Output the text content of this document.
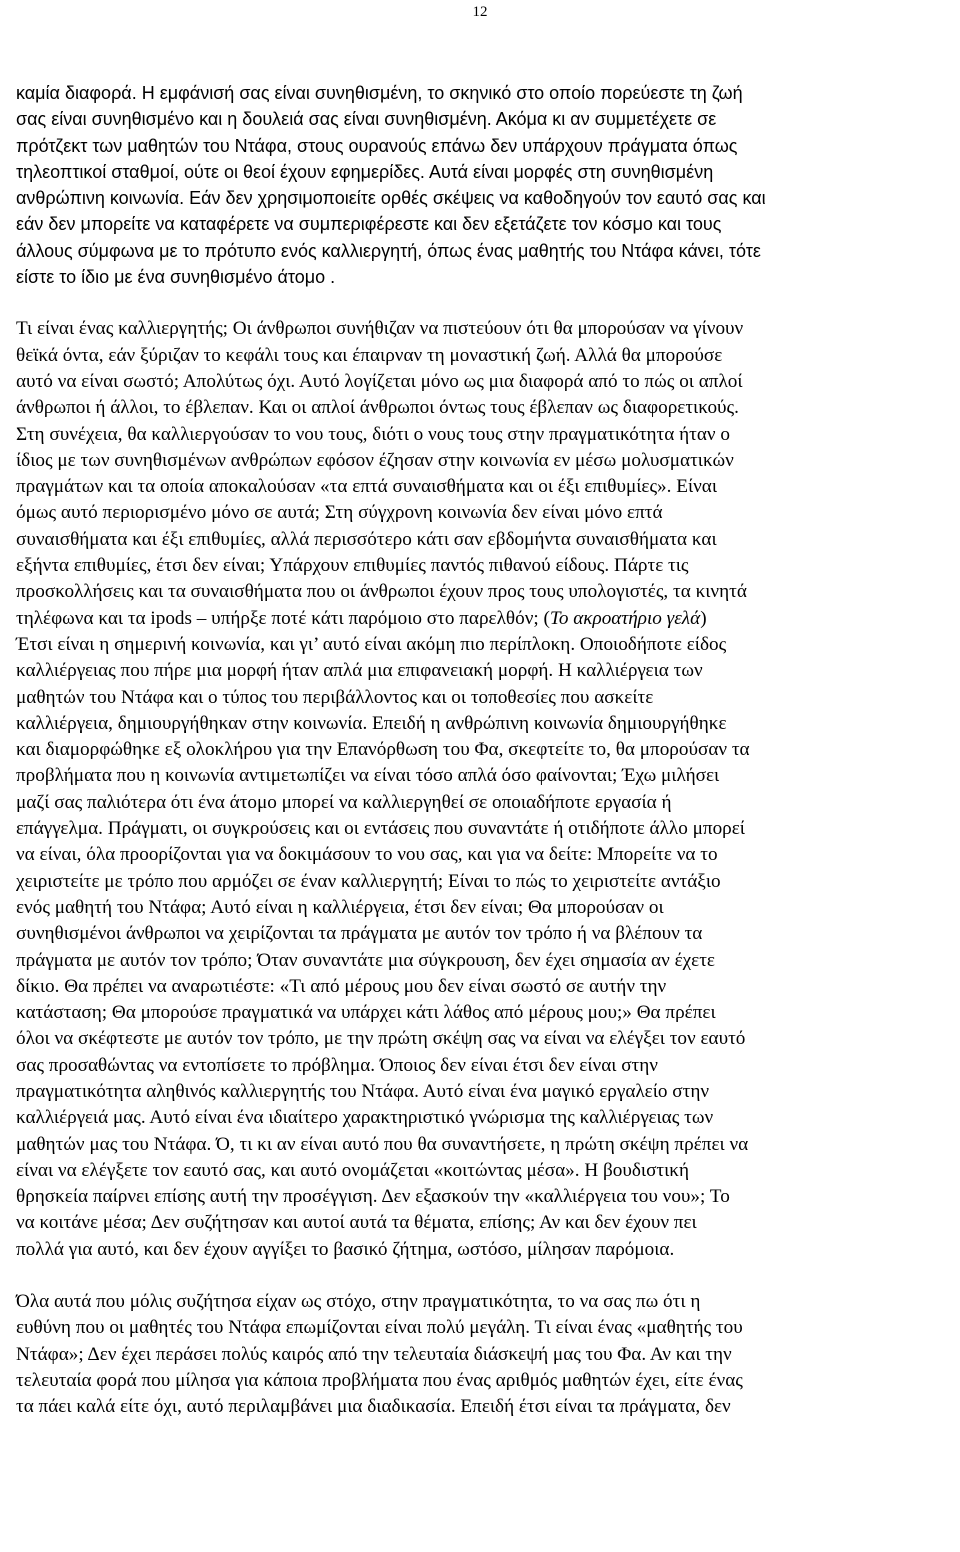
12

καμία διαφορά. Η εμφάνισή σας είναι συνηθισμένη, το σκηνικό στο οποίο πορεύεστε τη ζωή
σας είναι συνηθισμένο και η δουλειά σας είναι συνηθισμένη. Ακόμα κι αν συμμετέχετε σε
πρότζεκτ των μαθητών του Ντάφα, στους ουρανούς επάνω δεν υπάρχουν πράγματα όπως
τηλεοπτικοί σταθμοί, ούτε οι θεοί έχουν εφημερίδες. Αυτά είναι μορφές στη συνηθισμένη
ανθρώπινη κοινωνία. Εάν δεν χρησιμοποιείτε ορθές σκέψεις να καθοδηγούν τον εαυτό σας και
εάν δεν μπορείτε να καταφέρετε να συμπεριφέρεστε και δεν εξετάζετε τον κόσμο και τους
άλλους σύμφωνα με το πρότυπο ενός καλλιεργητή, όπως ένας μαθητής του Ντάφα κάνει, τότε
είστε το ίδιο με ένα συνηθισμένο άτομο .

Τι είναι ένας καλλιεργητής; Οι άνθρωποι συνήθιζαν να πιστεύουν ότι θα μπορούσαν να γίνουν
θεϊκά όντα, εάν ξύριζαν το κεφάλι τους και έπαιρναν τη μοναστική ζωή. Αλλά θα μπορούσε
αυτό να είναι σωστό; Απολύτως όχι. Αυτό λογίζεται μόνο ως μια διαφορά από το πώς οι απλοί
άνθρωποι ή άλλοι, το έβλεπαν. Και οι απλοί άνθρωποι όντως τους έβλεπαν ως διαφορετικούς.
Στη συνέχεια, θα καλλιεργούσαν το νου τους, διότι ο νους τους στην πραγματικότητα ήταν ο
ίδιος με των συνηθισμένων ανθρώπων εφόσον έζησαν στην κοινωνία εν μέσω μολυσματικών
πραγμάτων και τα οποία αποκαλούσαν «τα επτά συναισθήματα και οι έξι επιθυμίες». Είναι
όμως αυτό περιορισμένο μόνο σε αυτά; Στη σύγχρονη κοινωνία δεν είναι μόνο επτά
συναισθήματα και έξι επιθυμίες, αλλά περισσότερο κάτι σαν εβδομήντα συναισθήματα και
εξήντα επιθυμίες, έτσι δεν είναι; Υπάρχουν επιθυμίες παντός πιθανού είδους. Πάρτε τις
προσκολλήσεις και τα συναισθήματα που οι άνθρωποι έχουν προς τους υπολογιστές, τα κινητά
τηλέφωνα και τα ipods – υπήρξε ποτέ κάτι παρόμοιο στο παρελθόν; (Το ακροατήριο γελά)
Έτσι είναι η σημερινή κοινωνία, και γι’ αυτό είναι ακόμη πιο περίπλοκη. Οποιοδήποτε είδος
καλλιέργειας που πήρε μια μορφή ήταν απλά μια επιφανειακή μορφή. Η καλλιέργεια των
μαθητών του Ντάφα και ο τύπος του περιβάλλοντος και οι τοποθεσίες που ασκείτε
καλλιέργεια, δημιουργήθηκαν στην κοινωνία. Επειδή η ανθρώπινη κοινωνία δημιουργήθηκε
και διαμορφώθηκε εξ ολοκλήρου για την Επανόρθωση του Φα, σκεφτείτε το, θα μπορούσαν τα
προβλήματα που η κοινωνία αντιμετωπίζει να είναι τόσο απλά όσο φαίνονται; Έχω μιλήσει
μαζί σας παλιότερα ότι ένα άτομο μπορεί να καλλιεργηθεί σε οποιαδήποτε εργασία ή
επάγγελμα. Πράγματι, οι συγκρούσεις και οι εντάσεις που συναντάτε ή οτιδήποτε άλλο μπορεί
να είναι, όλα προορίζονται για να δοκιμάσουν το νου σας, και για να δείτε: Μπορείτε να το
χειριστείτε με τρόπο που αρμόζει σε έναν καλλιεργητή; Είναι το πώς το χειριστείτε αντάξιο
ενός μαθητή του Ντάφα; Αυτό είναι η καλλιέργεια, έτσι δεν είναι; Θα μπορούσαν οι
συνηθισμένοι άνθρωποι να χειρίζονται τα πράγματα με αυτόν τον τρόπο ή να βλέπουν τα
πράγματα με αυτόν τον τρόπο; Όταν συναντάτε μια σύγκρουση, δεν έχει σημασία αν έχετε
δίκιο. Θα πρέπει να αναρωτιέστε: «Τι από μέρους μου δεν είναι σωστό σε αυτήν την
κατάσταση; Θα μπορούσε πραγματικά να υπάρχει κάτι λάθος από μέρους μου;» Θα πρέπει
όλοι να σκέφτεστε με αυτόν τον τρόπο, με την πρώτη σκέψη σας να είναι να ελέγξει τον εαυτό
σας προσαθώντας να εντοπίσετε το πρόβλημα. Όποιος δεν είναι έτσι δεν είναι στην
πραγματικότητα αληθινός καλλιεργητής του Ντάφα. Αυτό είναι ένα μαγικό εργαλείο στην
καλλιέργειά μας. Αυτό είναι ένα ιδιαίτερο χαρακτηριστικό γνώρισμα της καλλιέργειας των
μαθητών μας του Ντάφα. Ό, τι κι αν είναι αυτό που θα συναντήσετε, η πρώτη σκέψη πρέπει να
είναι να ελέγξετε τον εαυτό σας, και αυτό ονομάζεται «κοιτώντας μέσα». Η βουδιστική
θρησκεία παίρνει επίσης αυτή την προσέγγιση. Δεν εξασκούν την «καλλιέργεια του νου»; Το
να κοιτάνε μέσα; Δεν συζήτησαν και αυτοί αυτά τα θέματα, επίσης; Αν και δεν έχουν πει
πολλά για αυτό, και δεν έχουν αγγίξει το βασικό ζήτημα, ωστόσο, μίλησαν παρόμοια.

Όλα αυτά που μόλις συζήτησα είχαν ως στόχο, στην πραγματικότητα, το να σας πω ότι η
ευθύνη που οι μαθητές του Ντάφα επωμίζονται είναι πολύ μεγάλη. Τι είναι ένας «μαθητής του
Ντάφα»; Δεν έχει περάσει πολύς καιρός από την τελευταία διάσκεψή μας του Φα. Αν και την
τελευταία φορά που μίλησα για κάποια προβλήματα που ένας αριθμός μαθητών έχει, είτε ένας
τα πάει καλά είτε όχι, αυτό περιλαμβάνει μια διαδικασία. Επειδή έτσι είναι τα πράγματα, δεν
